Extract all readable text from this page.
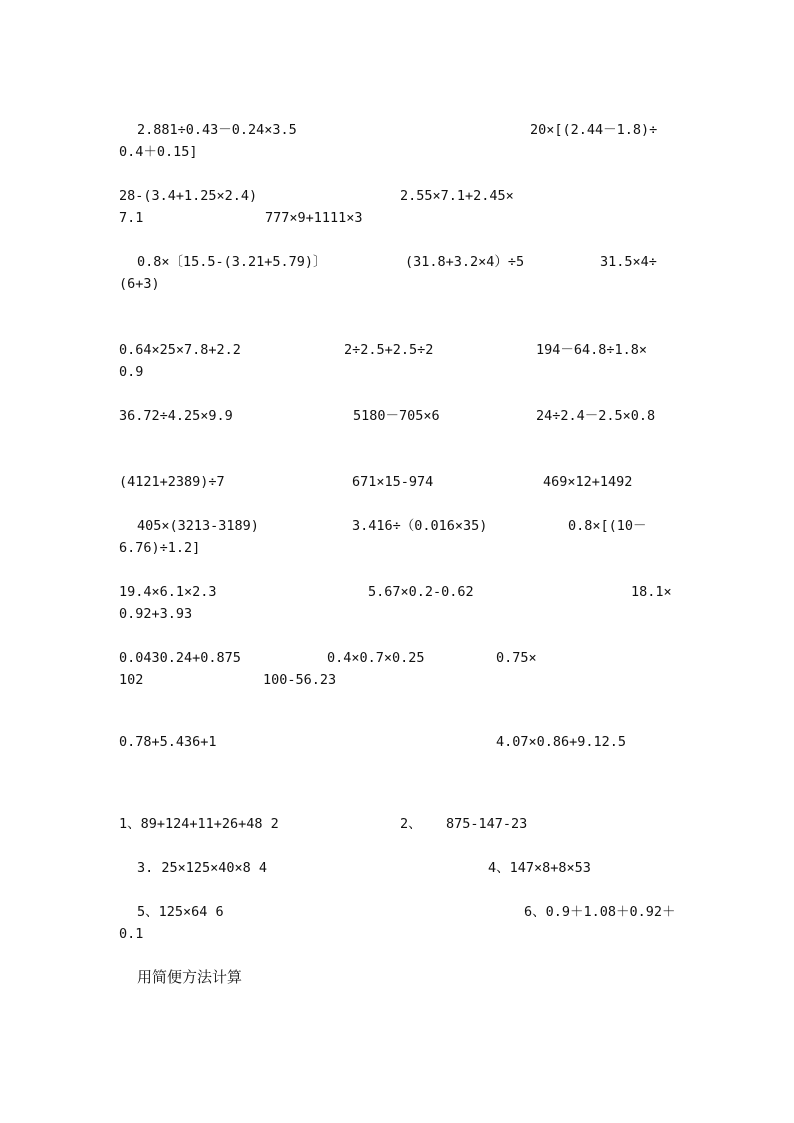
2.881÷0.43－0.24×3.5	20×[(2.44－1.8)÷
0.4＋0.15]
28-(3.4+1.25×2.4)	2.55×7.1+2.45×
7.1	777×9+1111×3
0.8×〔15.5-(3.21+5.79)〕	(31.8+3.2×4）÷5	31.5×4÷
(6+3)
0.64×25×7.8+2.2	2÷2.5+2.5÷2	194－64.8÷1.8×
0.9
36.72÷4.25×9.9	5180－705×6	24÷2.4－2.5×0.8
(4121+2389)÷7	671×15-974	469×12+1492
405×(3213-3189)	3.416÷（0.016×35)	0.8×[(10－
6.76)÷1.2]
19.4×6.1×2.3	5.67×0.2-0.62	18.1×
0.92+3.93
0.0430.24+0.875	0.4×0.7×0.25	0.75×
102	100-56.23
0.78+5.436+1	4.07×0.86+9.12.5
1、89+124+11+26+48 2	2、   875-147-23
3. 25×125×40×8 4	4、147×8+8×53
5、125×64 6	6、0.9＋1.08＋0.92＋
0.1
用简便方法计算
